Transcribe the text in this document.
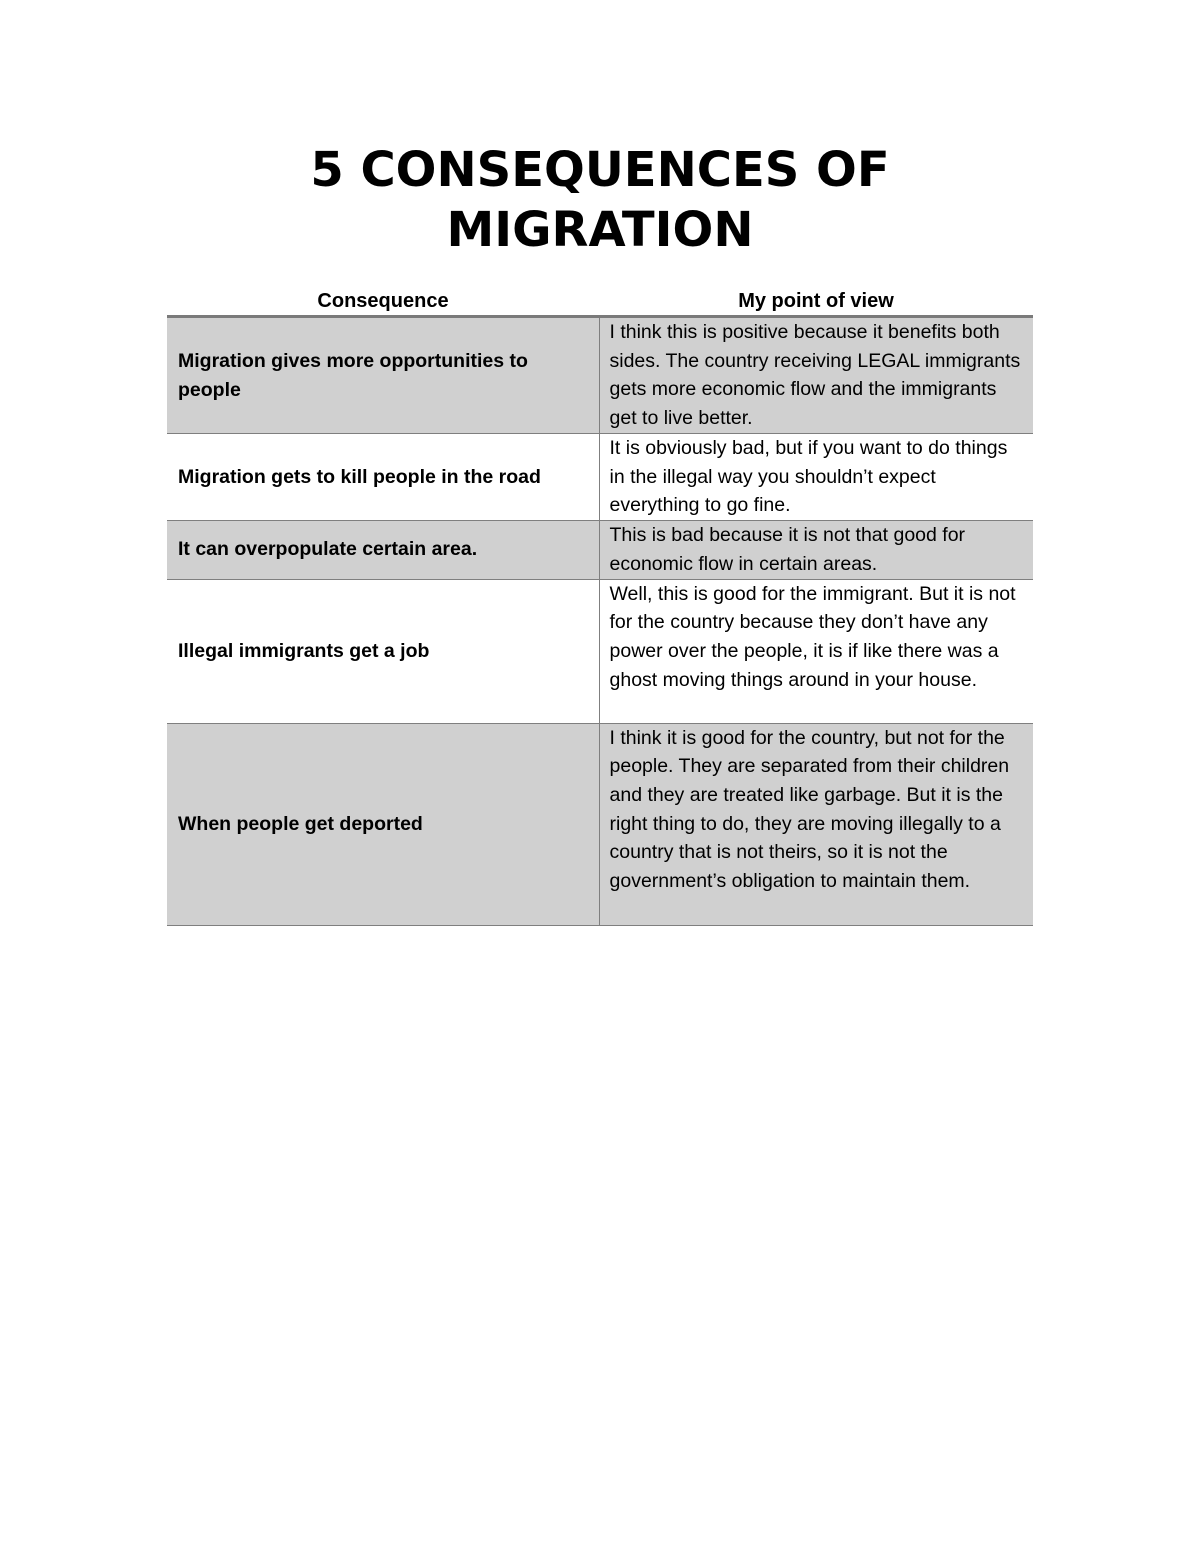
5 CONSEQUENCES OF
MIGRATION
Consequence	My point of view
Migration gives more opportunities to people	I think this is positive because it benefits both sides. The country receiving LEGAL immigrants gets more economic flow and the immigrants get to live better.
Migration gets to kill people in the road	It is obviously bad, but if you want to do things in the illegal way you shouldn’t expect everything to go fine.
It can overpopulate certain area.	This is bad because it is not that good for economic flow in certain areas.
Illegal immigrants get a job	Well, this is good for the immigrant. But it is not for the country because they don’t have any power over the people, it is if like there was a ghost moving things around in your house.
When people get deported	I think it is good for the country, but not for the people. They are separated from their children and they are treated like garbage. But it is the right thing to do, they are moving illegally to a country that is not theirs, so it is not the government’s obligation to maintain them.
